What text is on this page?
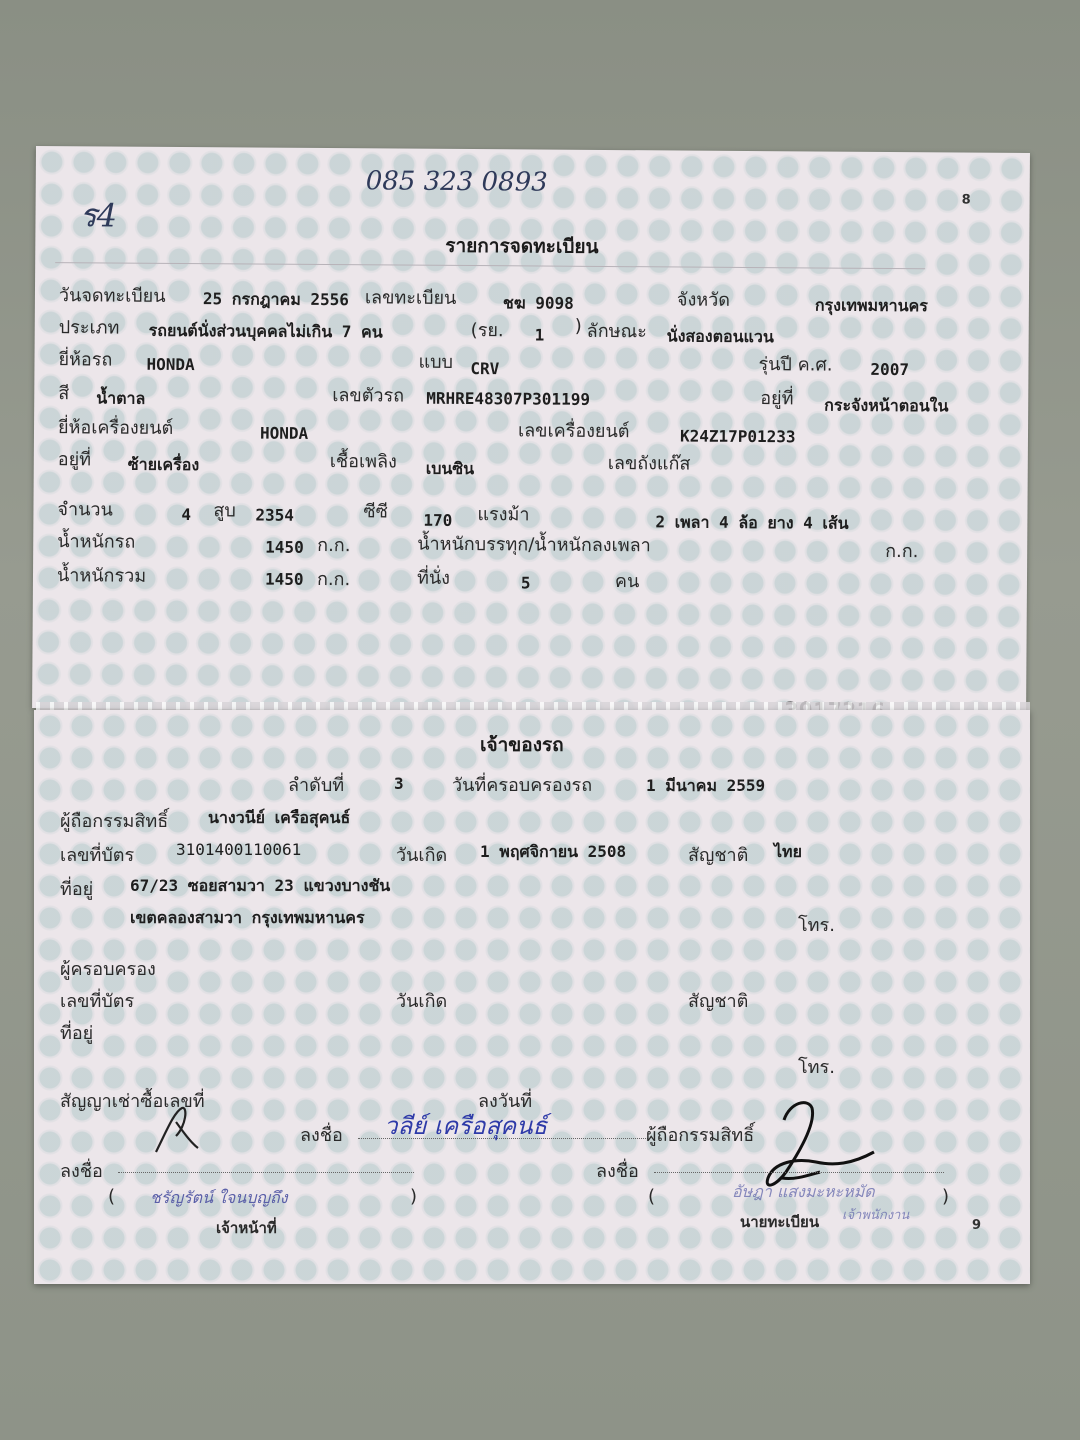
085 323 0893
ร4	8
รายการจดทะเบียน
วันจดทะเบียน 25 กรกฎาคม 2556 เลขทะเบียน	ชฆ 9098	จังหวัด	กรุงเทพมหานคร
ประเภท รถยนต์นั่งส่วนบุคคลไม่เกิน 7 คน	(รย. 1 ) ลักษณะ นั่งสองตอนแวน
ยี่ห้อรถ HONDA	แบบ CRV	รุ่นปี ค.ศ. 2007
สี น้ำตาล	เลขตัวรถ MRHRE48307P301199	อยู่ที่ กระจังหน้าตอนใน
ยี่ห้อเครื่องยนต์	HONDA	เลขเครื่องยนต์	K24Z17P01233
อยู่ที่ ซ้ายเครื่อง	เชื้อเพลิง เบนซิน	เลขถังแก๊ส
จำนวน	4 สูบ 2354	ซีซี 170 แรงม้า	2 เพลา 4 ล้อ ยาง 4 เส้น
น้ำหนักรถ	1450 ก.ก.	น้ำหนักบรรทุก/น้ำหนักลงเพลา	ก.ก.
น้ำหนักรวม	1450 ก.ก.	ที่นั่ง	5	คน
เจ้าของรถ
ลำดับที่	3	วันที่ครอบครองรถ	1 มีนาคม 2559
ผู้ถือกรรมสิทธิ์ นางวนีย์ เครือสุคนธ์
เลขที่บัตร	3101400110061	วันเกิด 1 พฤศจิกายน 2508	สัญชาติ ไทย
ที่อยู่ 67/23 ซอยสามวา 23 แขวงบางชัน
เขตคลองสามวา กรุงเทพมหานคร	โทร.
ผู้ครอบครอง
เลขที่บัตร	วันเกิด	สัญชาติ
ที่อยู่
โทร.
สัญญาเช่าซื้อเลขที่	ลงวันที่
ลงชื่อ วลีย์ เครือสุคนธ์	ผู้ถือกรรมสิทธิ์
ลงชื่อ
( ชรัญรัตน์ ใจนบุญถึง	)
เจ้าหน้าที่
ลงชื่อ
(	อัษฎา แสงมะหะหมัด	)
นายทะเบียน เจ้าพนักงาน
9
